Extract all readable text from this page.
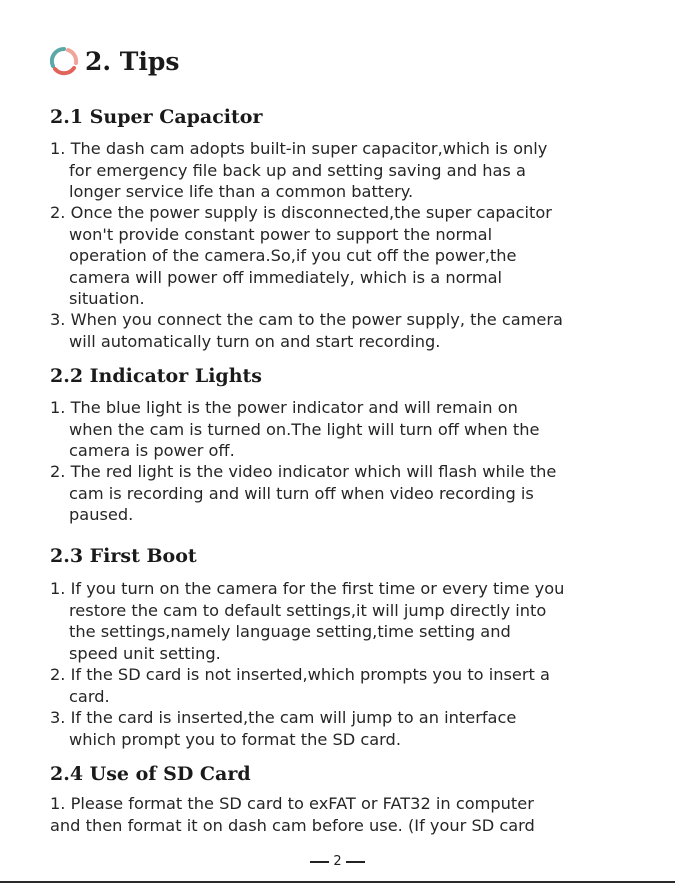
2. Tips
2.1 Super Capacitor
1. The dash cam adopts built-in super capacitor,which is only
for emergency file back up and setting saving and has a
longer service life than a common battery.
2. Once the power supply is disconnected,the super capacitor
won't provide constant power to support the normal
operation of the camera.So,if you cut off the power,the
camera will power off immediately, which is a normal
situation.
3. When you connect the cam to the power supply, the camera
will automatically turn on and start recording.
2.2 Indicator Lights
1. The blue light is the power indicator and will remain on
when the cam is turned on.The light will turn off when the
camera is power off.
2. The red light is the video indicator which will flash while the
cam is recording and will turn off when video recording is
paused.
2.3 First Boot
1. If you turn on the camera for the first time or every time you
restore the cam to default settings,it will jump directly into
the settings,namely language setting,time setting and
speed unit setting.
2. If the SD card is not inserted,which prompts you to insert a
card.
3. If the card is inserted,the cam will jump to an interface
which prompt you to format the SD card.
2.4 Use of SD Card
1. Please format the SD card to exFAT or FAT32 in computer
and then format it on dash cam before use. (If your SD card
2
